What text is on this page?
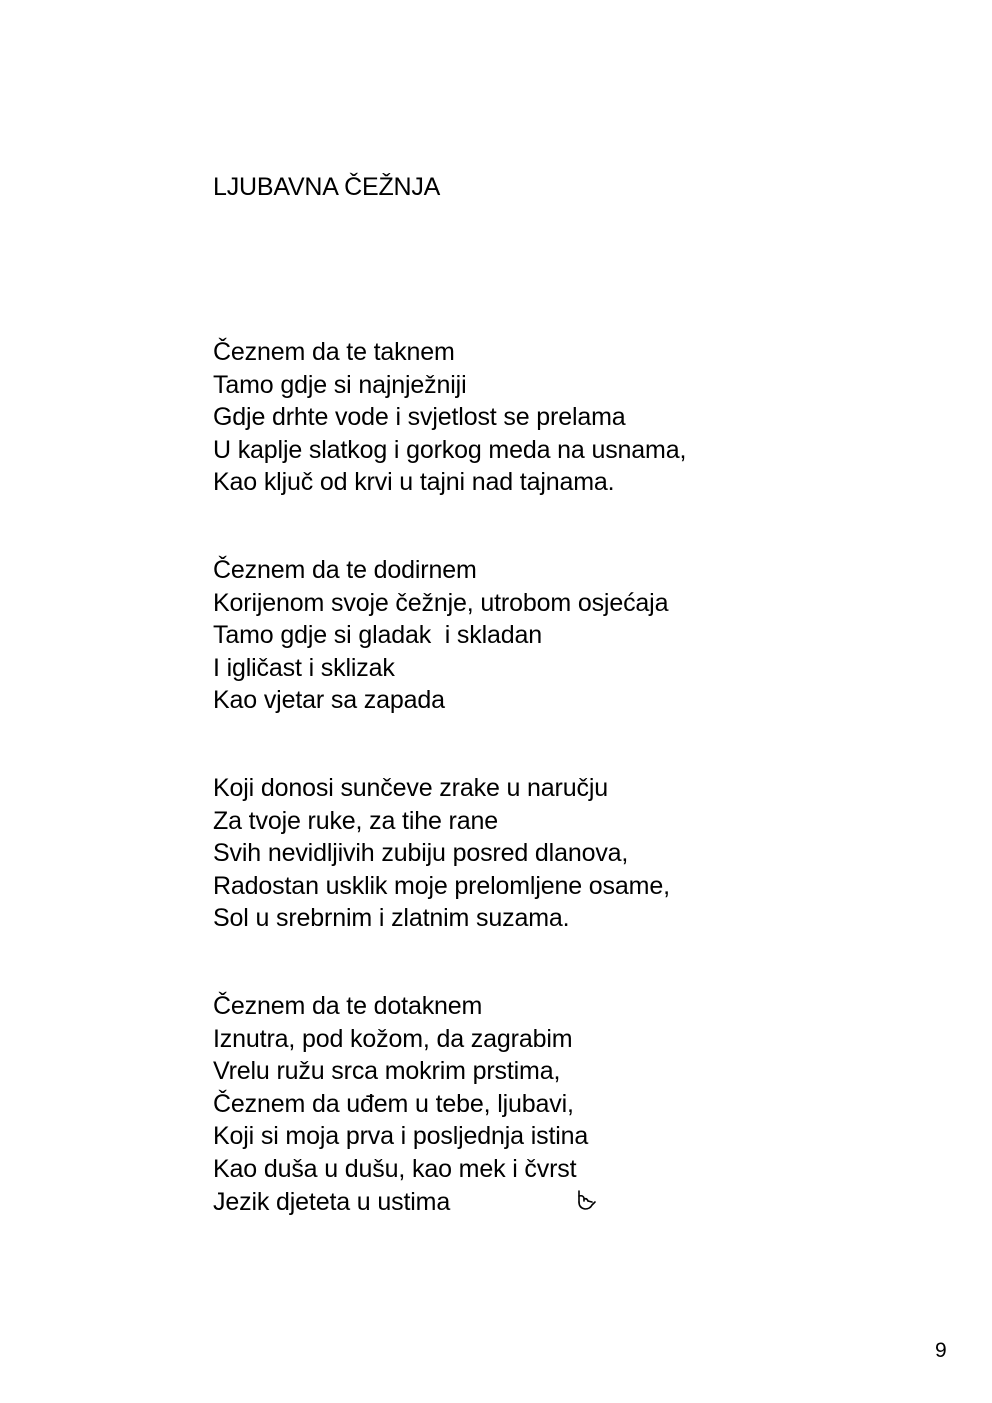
LJUBAVNA ČEŽNJA
Čeznem da te taknem
Tamo gdje si najnježniji
Gdje drhte vode i svjetlost se prelama
U kaplje slatkog i gorkog meda na usnama,
Kao ključ od krvi u tajni nad tajnama.
Čeznem da te dodirnem
Korijenom svoje čežnje, utrobom osjećaja
Tamo gdje si gladak  i skladan
I igličast i sklizak
Kao vjetar sa zapada
Koji donosi sunčeve zrake u naručju
Za tvoje ruke, za tihe rane
Svih nevidljivih zubiju posred dlanova,
Radostan usklik moje prelomljene osame,
Sol u srebrnim i zlatnim suzama.
Čeznem da te dotaknem
Iznutra, pod kožom, da zagrabim
Vrelu ružu srca mokrim prstima,
Čeznem da uđem u tebe, ljubavi,
Koji si moja prva i posljednja istina
Kao duša u dušu, kao mek i čvrst
Jezik djeteta u ustima
9
